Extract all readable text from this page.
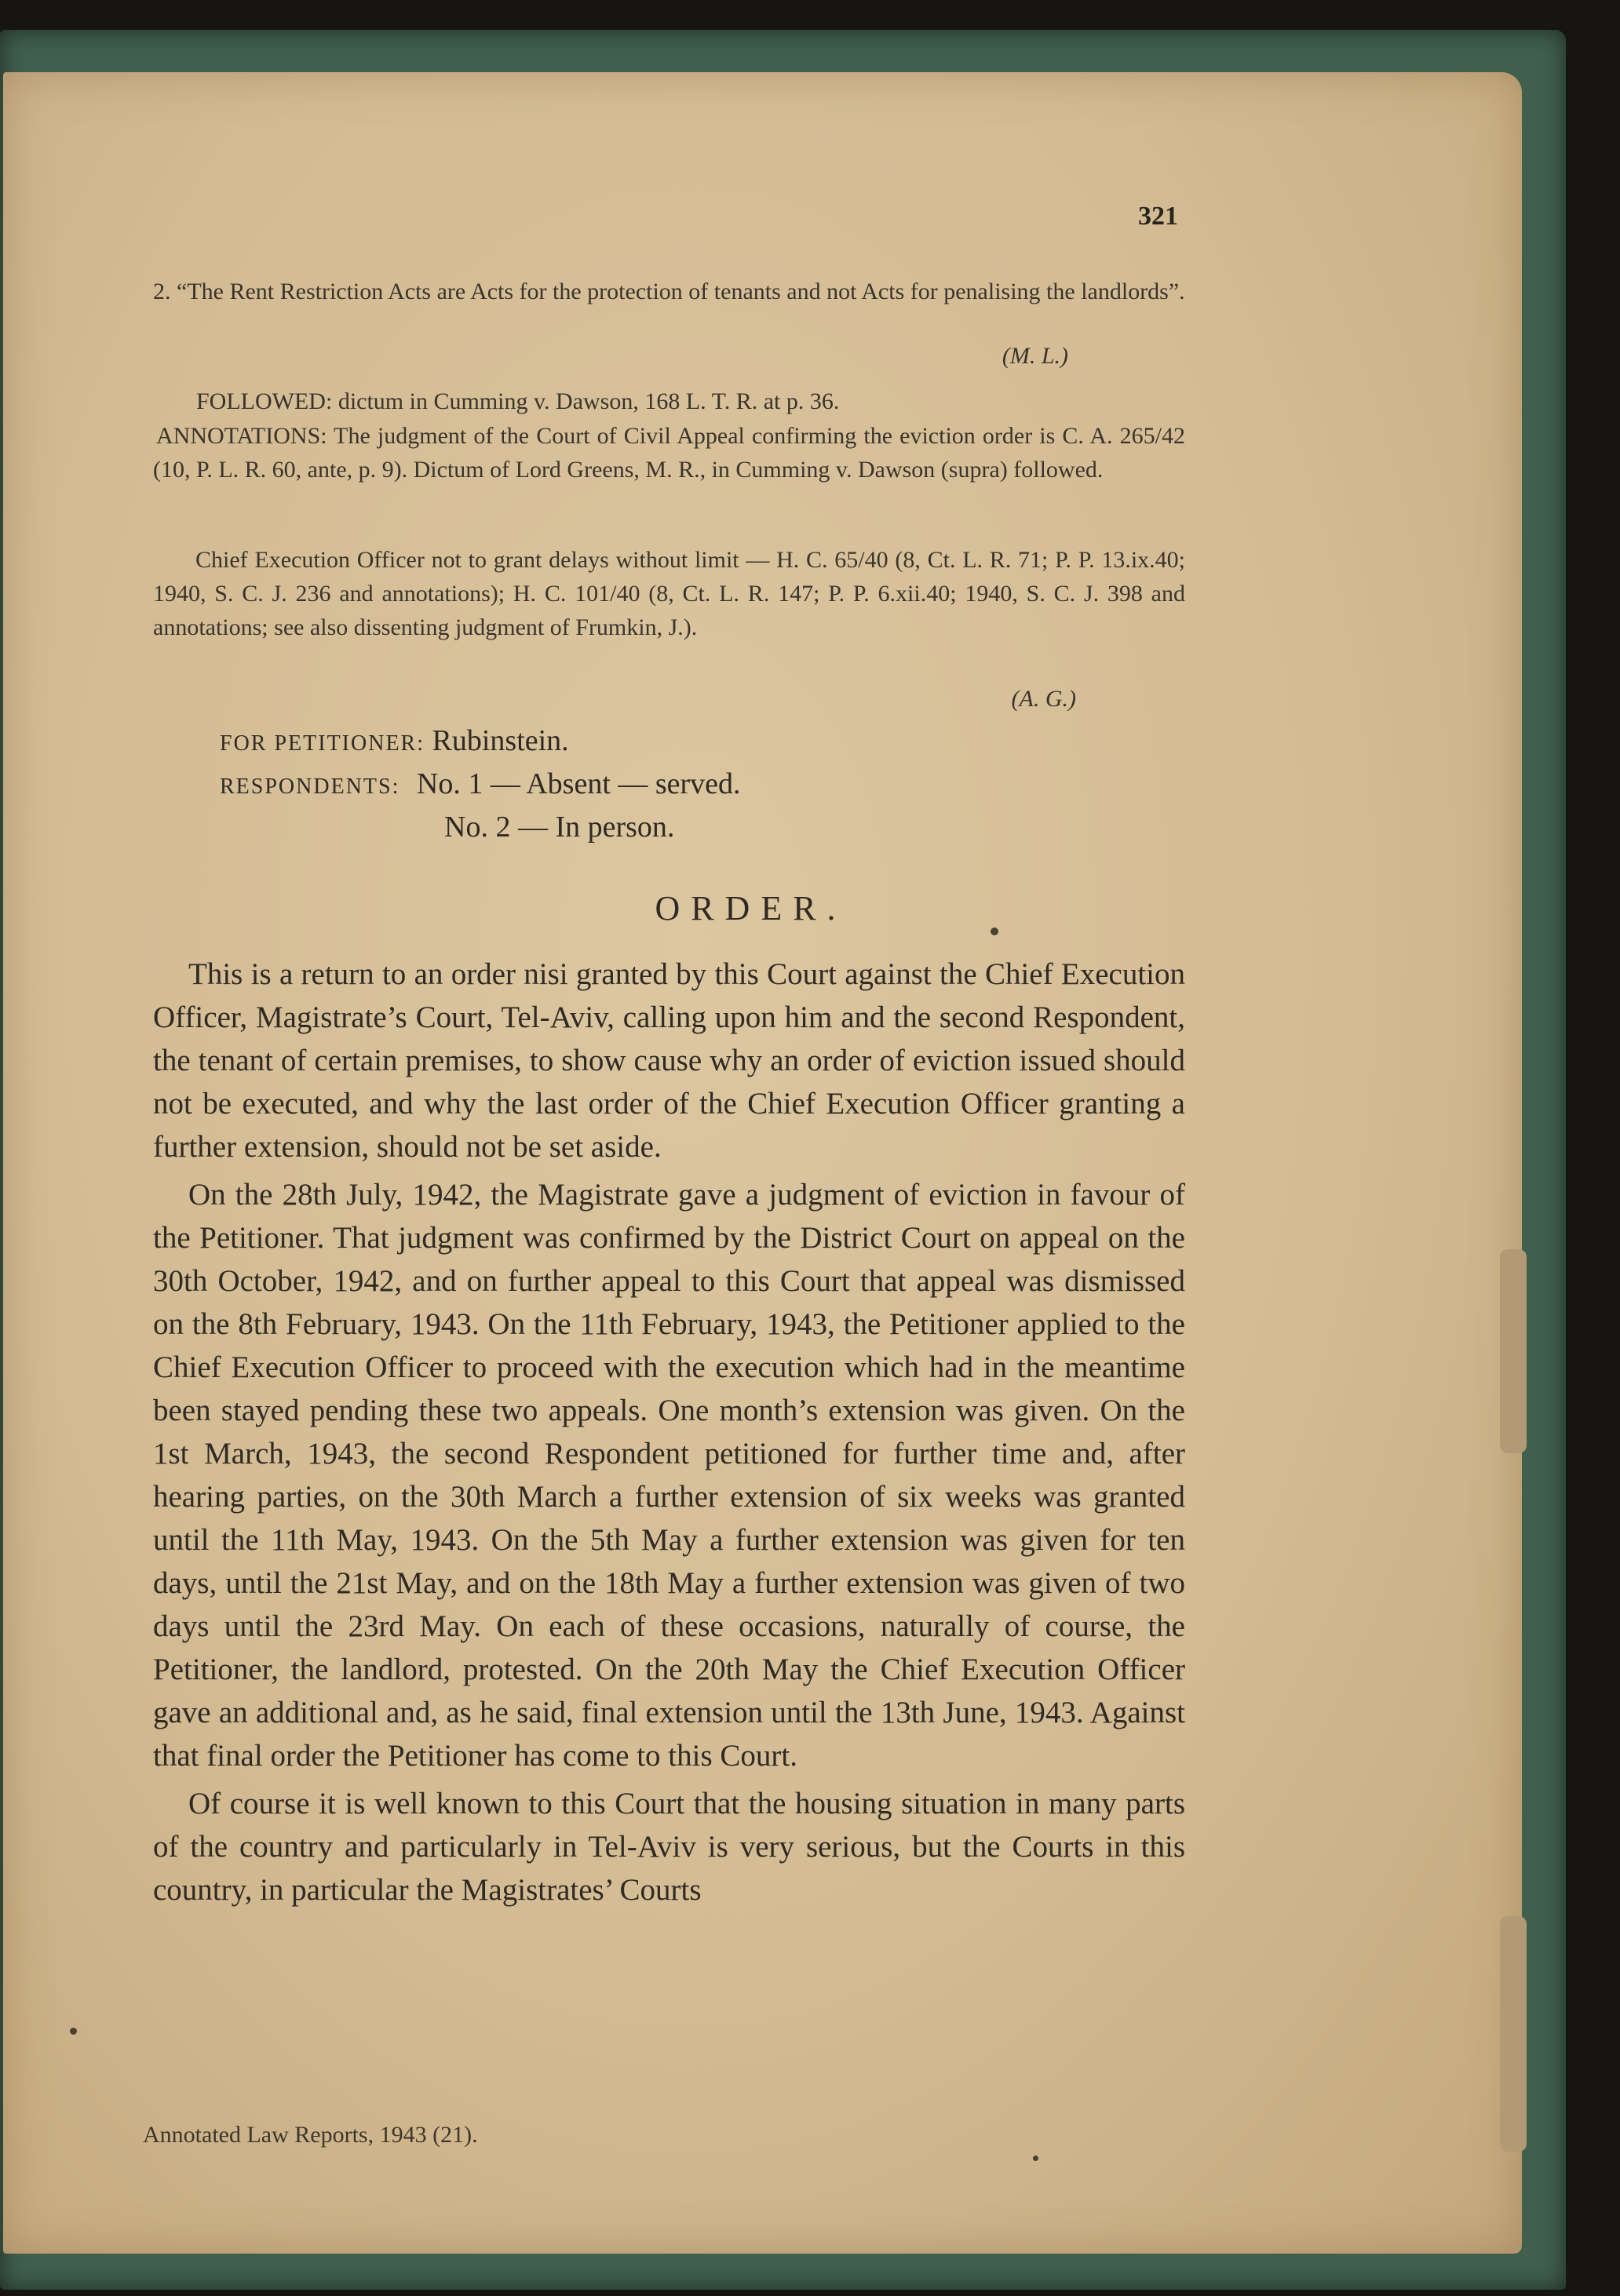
321
2. “The Rent Restriction Acts are Acts for the protection of tenants and not Acts for penalising the landlords”.
(M. L.)
FOLLOWED: dictum in Cumming v. Dawson, 168 L. T. R. at p. 36.
ANNOTATIONS: The judgment of the Court of Civil Appeal confirming the eviction order is C. A. 265/42 (10, P. L. R. 60, ante, p. 9). Dictum of Lord Greens, M. R., in Cumming v. Dawson (supra) followed.
Chief Execution Officer not to grant delays without limit — H. C. 65/40 (8, Ct. L. R. 71; P. P. 13.ix.40; 1940, S. C. J. 236 and annotations); H. C. 101/40 (8, Ct. L. R. 147; P. P. 6.xii.40; 1940, S. C. J. 398 and annotations; see also dissenting judgment of Frumkin, J.).
(A. G.)
FOR PETITIONER: Rubinstein.
RESPONDENTS: No. 1 — Absent — served.
No. 2 — In person.
ORDER.

This is a return to an order nisi granted by this Court against the Chief Execution Officer, Magistrate’s Court, Tel-Aviv, calling upon him and the second Respondent, the tenant of certain premises, to show cause why an order of eviction issued should not be executed, and why the last order of the Chief Execution Officer granting a further extension, should not be set aside.

On the 28th July, 1942, the Magistrate gave a judgment of eviction in favour of the Petitioner. That judgment was confirmed by the District Court on appeal on the 30th October, 1942, and on further appeal to this Court that appeal was dismissed on the 8th February, 1943. On the 11th February, 1943, the Petitioner applied to the Chief Execution Officer to proceed with the execution which had in the meantime been stayed pending these two appeals. One month’s extension was given. On the 1st March, 1943, the second Respondent petitioned for further time and, after hearing parties, on the 30th March a further extension of six weeks was granted until the 11th May, 1943. On the 5th May a further extension was given for ten days, until the 21st May, and on the 18th May a further extension was given of two days until the 23rd May. On each of these occasions, naturally of course, the Petitioner, the landlord, protested. On the 20th May the Chief Execution Officer gave an additional and, as he said, final extension until the 13th June, 1943. Against that final order the Petitioner has come to this Court.

Of course it is well known to this Court that the housing situation in many parts of the country and particularly in Tel-Aviv is very serious, but the Courts in this country, in particular the Magistrates’ Courts

Annotated Law Reports, 1943 (21).
